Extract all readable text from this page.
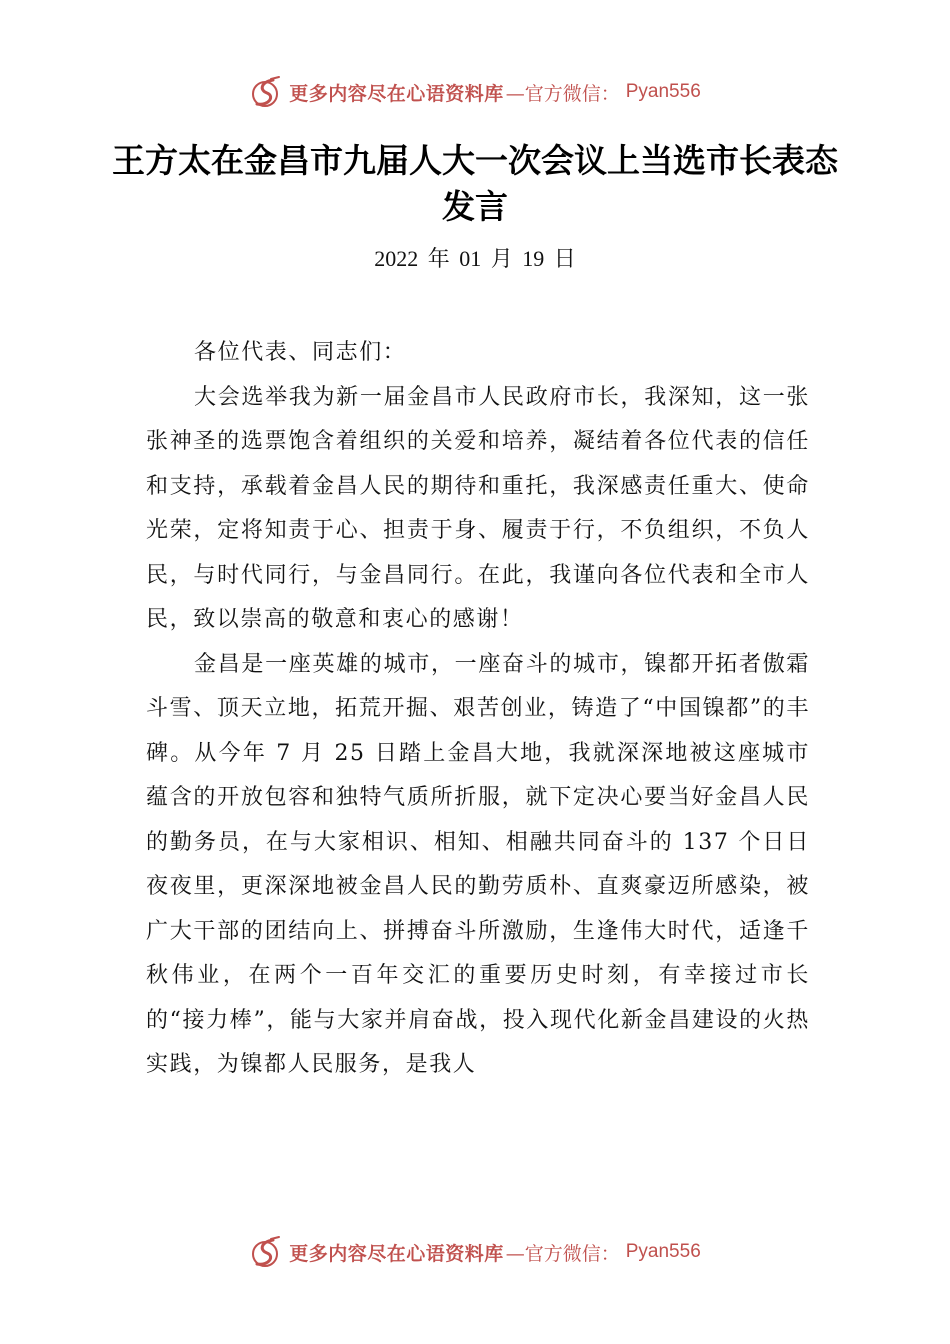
更多内容尽在心语资料库 —官方微信： Pyan556
王方太在金昌市九届人大一次会议上当选市长表态发言
2022 年 01 月 19 日

各位代表、同志们：

大会选举我为新一届金昌市人民政府市长，我深知，这一张张神圣的选票饱含着组织的关爱和培养，凝结着各位代表的信任和支持，承载着金昌人民的期待和重托，我深感责任重大、使命光荣，定将知责于心、担责于身、履责于行，不负组织，不负人民，与时代同行，与金昌同行。在此，我谨向各位代表和全市人民，致以崇高的敬意和衷心的感谢！

金昌是一座英雄的城市，一座奋斗的城市，镍都开拓者傲霜斗雪、顶天立地，拓荒开掘、艰苦创业，铸造了“中国镍都”的丰碑。从今年 7 月 25 日踏上金昌大地，我就深深地被这座城市蕴含的开放包容和独特气质所折服，就下定决心要当好金昌人民的勤务员，在与大家相识、相知、相融共同奋斗的 137 个日日夜夜里，更深深地被金昌人民的勤劳质朴、直爽豪迈所感染，被广大干部的团结向上、拼搏奋斗所激励，生逢伟大时代，适逢千秋伟业，在两个一百年交汇的重要历史时刻，有幸接过市长的“接力棒”，能与大家并肩奋战，投入现代化新金昌建设的火热实践，为镍都人民服务，是我人

更多内容尽在心语资料库 —官方微信： Pyan556
